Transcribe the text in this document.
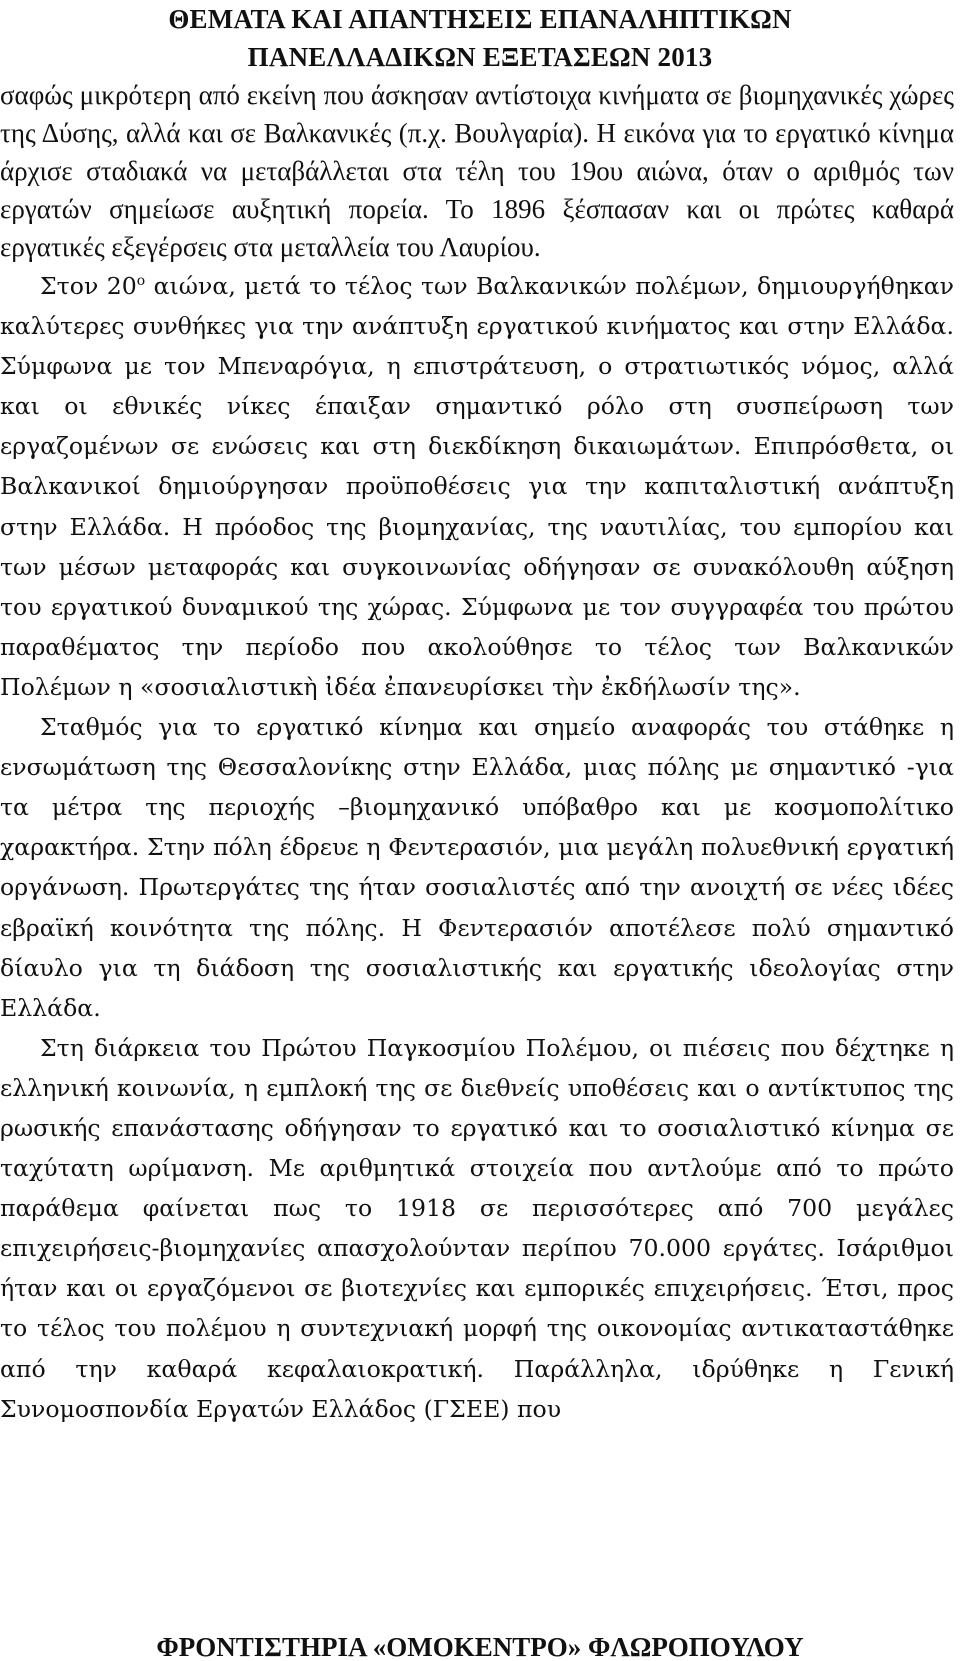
ΘΕΜΑΤΑ ΚΑΙ ΑΠΑΝΤΗΣΕΙΣ ΕΠΑΝΑΛΗΠΤΙΚΩΝ
ΠΑΝΕΛΛΑΔΙΚΩΝ ΕΞΕΤΑΣΕΩΝ 2013

σαφώς μικρότερη από εκείνη που άσκησαν αντίστοιχα κινήματα σε βιομηχανικές χώρες της Δύσης, αλλά και σε Βαλκανικές (π.χ. Βουλγαρία). Η εικόνα για το εργατικό κίνημα άρχισε σταδιακά να μεταβάλλεται στα τέλη του 19ου αιώνα, όταν ο αριθμός των εργατών σημείωσε αυξητική πορεία. Το 1896 ξέσπασαν και οι πρώτες καθαρά εργατικές εξεγέρσεις στα μεταλλεία του Λαυρίου.

Στον $20^o$ αιώνα, μετά το τέλος των Βαλκανικών πολέμων, δημιουργήθηκαν καλύτερες συνθήκες για την ανάπτυξη εργατικού κινήματος και στην Ελλάδα. Σύμφωνα με τον Μπεναρόγια, η επιστράτευση, ο στρατιωτικός νόμος, αλλά και οι εθνικές νίκες έπαιξαν σημαντικό ρόλο στη συσπείρωση των εργαζομένων σε ενώσεις και στη διεκδίκηση δικαιωμάτων. Επιπρόσθετα, οι Βαλκανικοί δημιούργησαν προϋποθέσεις για την καπιταλιστική ανάπτυξη στην Ελλάδα. Η πρόοδος της βιομηχανίας, της ναυτιλίας, του εμπορίου και των μέσων μεταφοράς και συγκοινωνίας οδήγησαν σε συνακόλουθη αύξηση του εργατικού δυναμικού της χώρας. Σύμφωνα με τον συγγραφέα του πρώτου παραθέματος την περίοδο που ακολούθησε το τέλος των Βαλκανικών Πολέμων η «σοσιαλιστικὴ ἰδέα ἐπανευρίσκει τὴν ἐκδήλωσίν της».

Σταθμός για το εργατικό κίνημα και σημείο αναφοράς του στάθηκε η ενσωμάτωση της Θεσσαλονίκης στην Ελλάδα, μιας πόλης με σημαντικό -για τα μέτρα της περιοχής –βιομηχανικό υπόβαθρο και με κοσμοπολίτικο χαρακτήρα. Στην πόλη έδρευε η Φεντερασιόν, μια μεγάλη πολυεθνική εργατική οργάνωση. Πρωτεργάτες της ήταν σοσιαλιστές από την ανοιχτή σε νέες ιδέες εβραϊκή κοινότητα της πόλης. Η Φεντερασιόν αποτέλεσε πολύ σημαντικό δίαυλο για τη διάδοση της σοσιαλιστικής και εργατικής ιδεολογίας στην Ελλάδα.

Στη διάρκεια του Πρώτου Παγκοσμίου Πολέμου, οι πιέσεις που δέχτηκε η ελληνική κοινωνία, η εμπλοκή της σε διεθνείς υποθέσεις και ο αντίκτυπος της ρωσικής επανάστασης οδήγησαν το εργατικό και το σοσιαλιστικό κίνημα σε ταχύτατη ωρίμανση. Με αριθμητικά στοιχεία που αντλούμε από το πρώτο παράθεμα φαίνεται πως το 1918 σε περισσότερες από 700 μεγάλες επιχειρήσεις-βιομηχανίες απασχολούνταν περίπου 70.000 εργάτες. Ισάριθμοι ήταν και οι εργαζόμενοι σε βιοτεχνίες και εμπορικές επιχειρήσεις. Έτσι, προς το τέλος του πολέμου η συντεχνιακή μορφή της οικονομίας αντικαταστάθηκε από την καθαρά κεφαλαιοκρατική. Παράλληλα, ιδρύθηκε η Γενική Συνομοσπονδία Εργατών Ελλάδος (ΓΣΕΕ) που

ΦΡΟΝΤΙΣΤΗΡΙΑ «ΟΜΟΚΕΝΤΡΟ» ΦΛΩΡΟΠΟΥΛΟΥ
